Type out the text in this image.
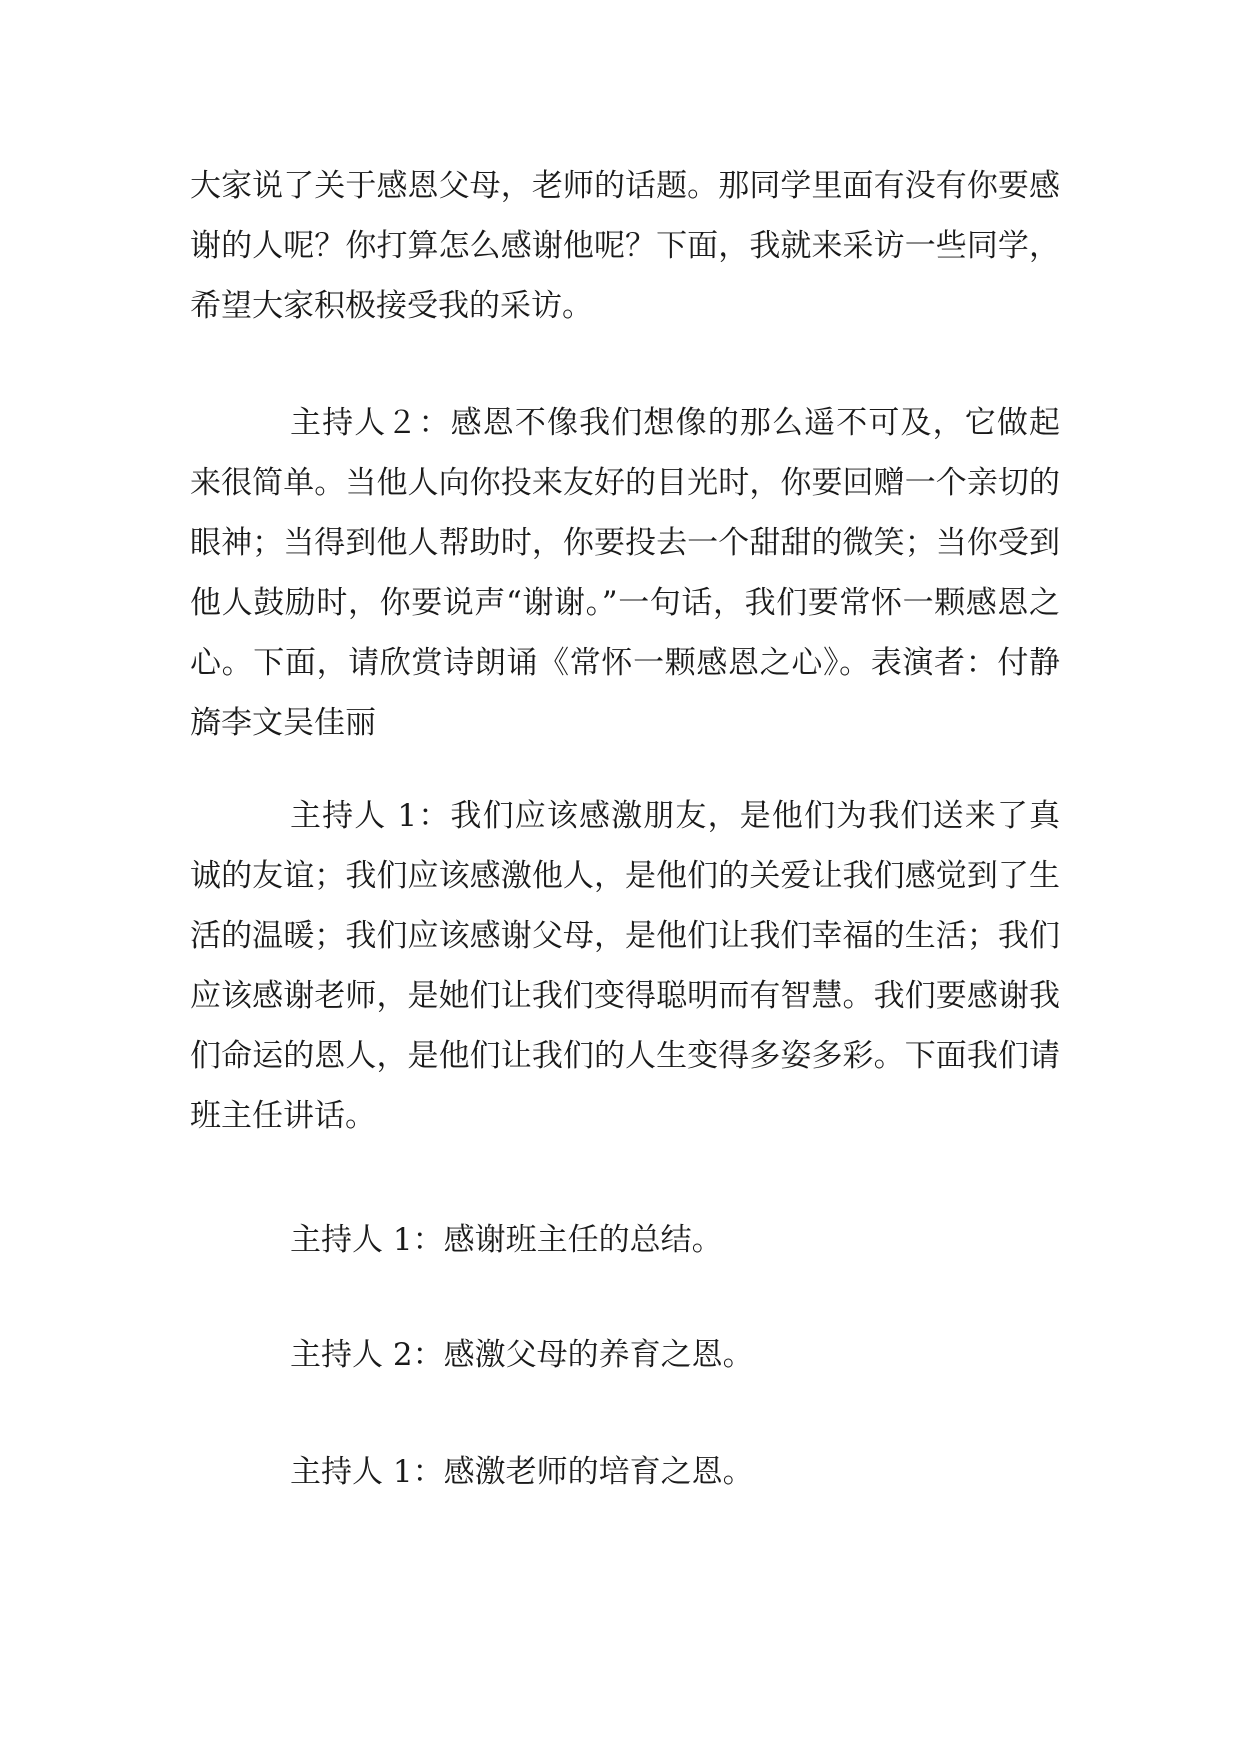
大家说了关于感恩父母，老师的话题。那同学里面有没有你要感谢的人呢？你打算怎么感谢他呢？下面，我就来采访一些同学，希望大家积极接受我的采访。

主持人２：感恩不像我们想像的那么遥不可及，它做起来很简单。当他人向你投来友好的目光时，你要回赠一个亲切的眼神；当得到他人帮助时，你要投去一个甜甜的微笑；当你受到他人鼓励时，你要说声“谢谢。”一句话，我们要常怀一颗感恩之心。下面，请欣赏诗朗诵《常怀一颗感恩之心》。表演者：付静旖李文吴佳丽

主持人 1：我们应该感激朋友，是他们为我们送来了真诚的友谊；我们应该感激他人，是他们的关爱让我们感觉到了生活的温暖；我们应该感谢父母，是他们让我们幸福的生活；我们应该感谢老师，是她们让我们变得聪明而有智慧。我们要感谢我们命运的恩人，是他们让我们的人生变得多姿多彩。下面我们请班主任讲话。

主持人 1：感谢班主任的总结。

主持人 2：感激父母的养育之恩。

主持人 1：感激老师的培育之恩。
